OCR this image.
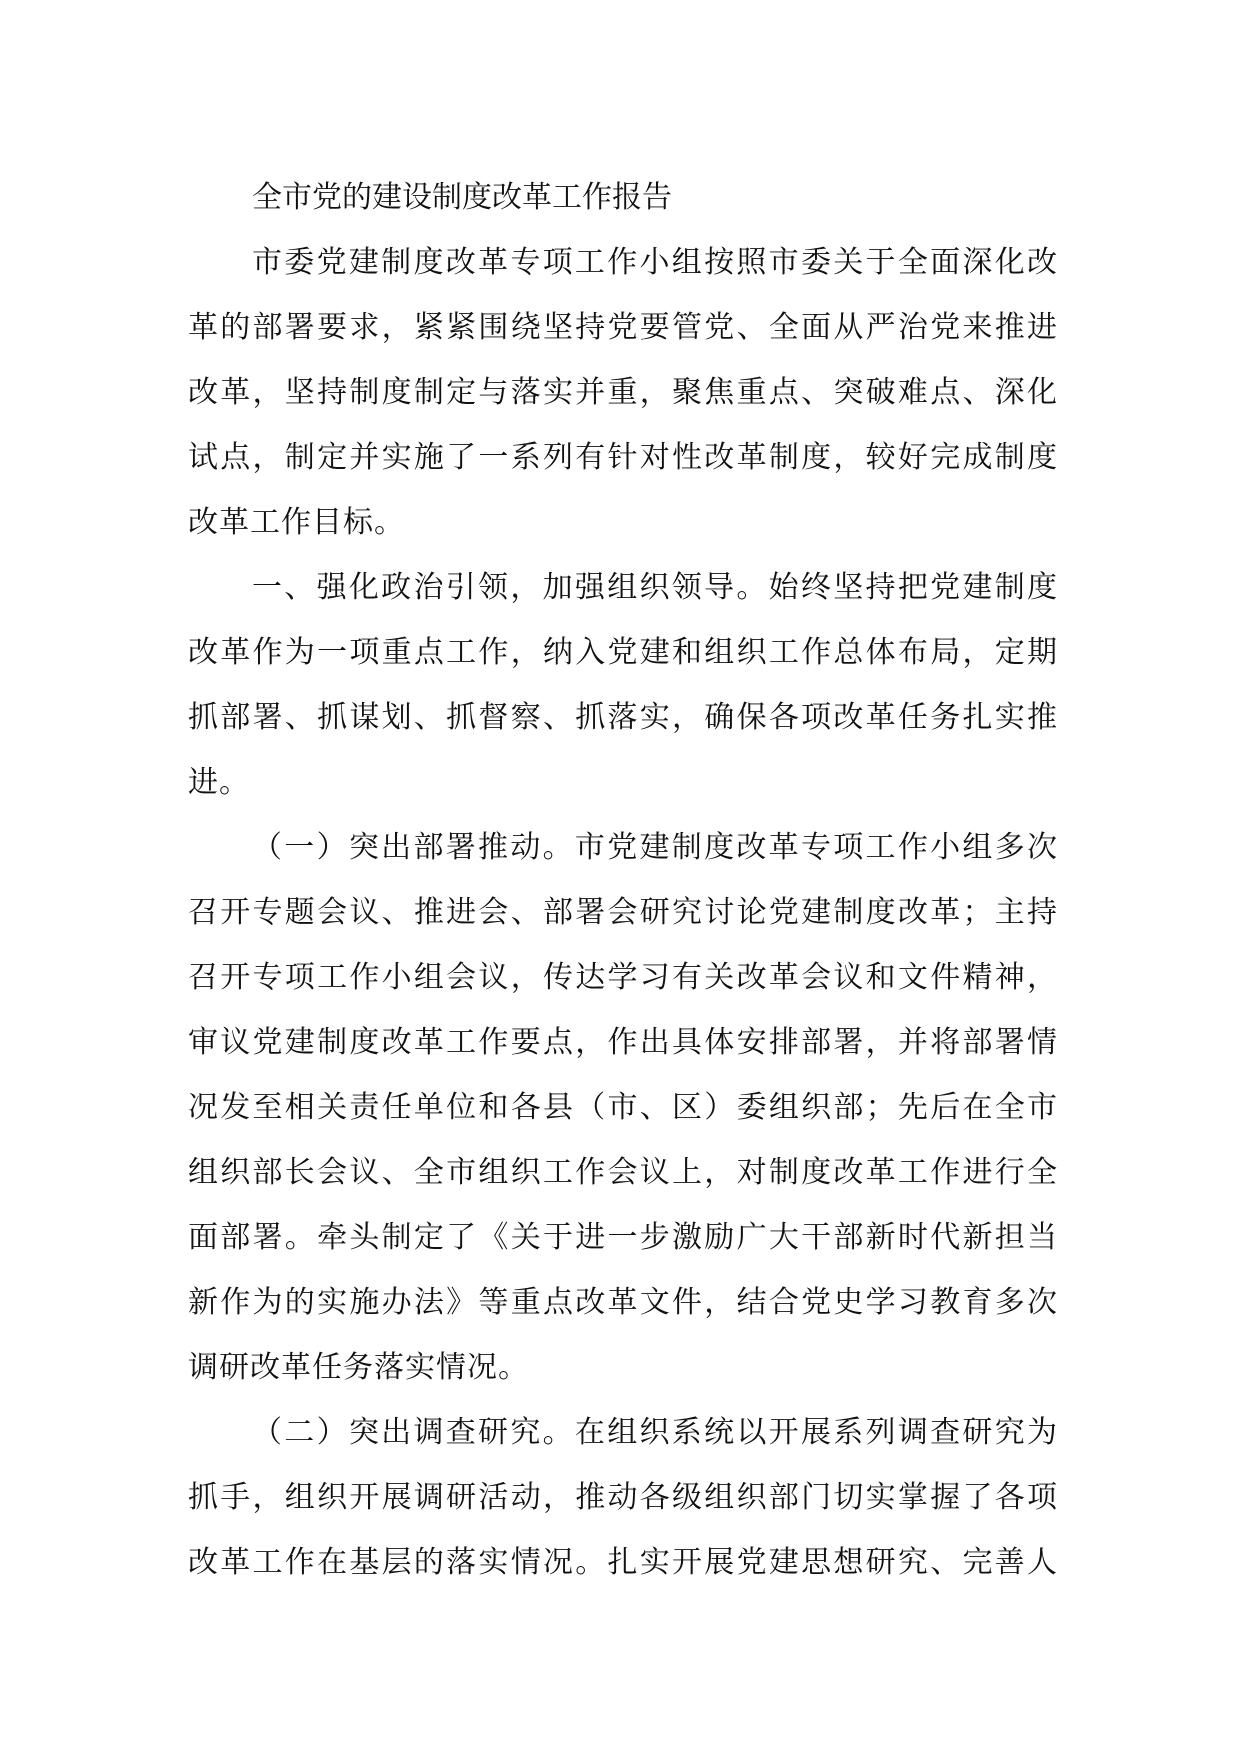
全市党的建设制度改革工作报告
市委党建制度改革专项工作小组按照市委关于全面深化改
革的部署要求，紧紧围绕坚持党要管党、全面从严治党来推进
改革，坚持制度制定与落实并重，聚焦重点、突破难点、深化
试点，制定并实施了一系列有针对性改革制度，较好完成制度
改革工作目标。
一、强化政治引领，加强组织领导。始终坚持把党建制度
改革作为一项重点工作，纳入党建和组织工作总体布局，定期
抓部署、抓谋划、抓督察、抓落实，确保各项改革任务扎实推
进。
（一）突出部署推动。市党建制度改革专项工作小组多次
召开专题会议、推进会、部署会研究讨论党建制度改革；主持
召开专项工作小组会议，传达学习有关改革会议和文件精神，
审议党建制度改革工作要点，作出具体安排部署，并将部署情
况发至相关责任单位和各县（市、区）委组织部；先后在全市
组织部长会议、全市组织工作会议上，对制度改革工作进行全
面部署。牵头制定了《关于进一步激励广大干部新时代新担当
新作为的实施办法》等重点改革文件，结合党史学习教育多次
调研改革任务落实情况。
（二）突出调查研究。在组织系统以开展系列调查研究为
抓手，组织开展调研活动，推动各级组织部门切实掌握了各项
改革工作在基层的落实情况。扎实开展党建思想研究、完善人
